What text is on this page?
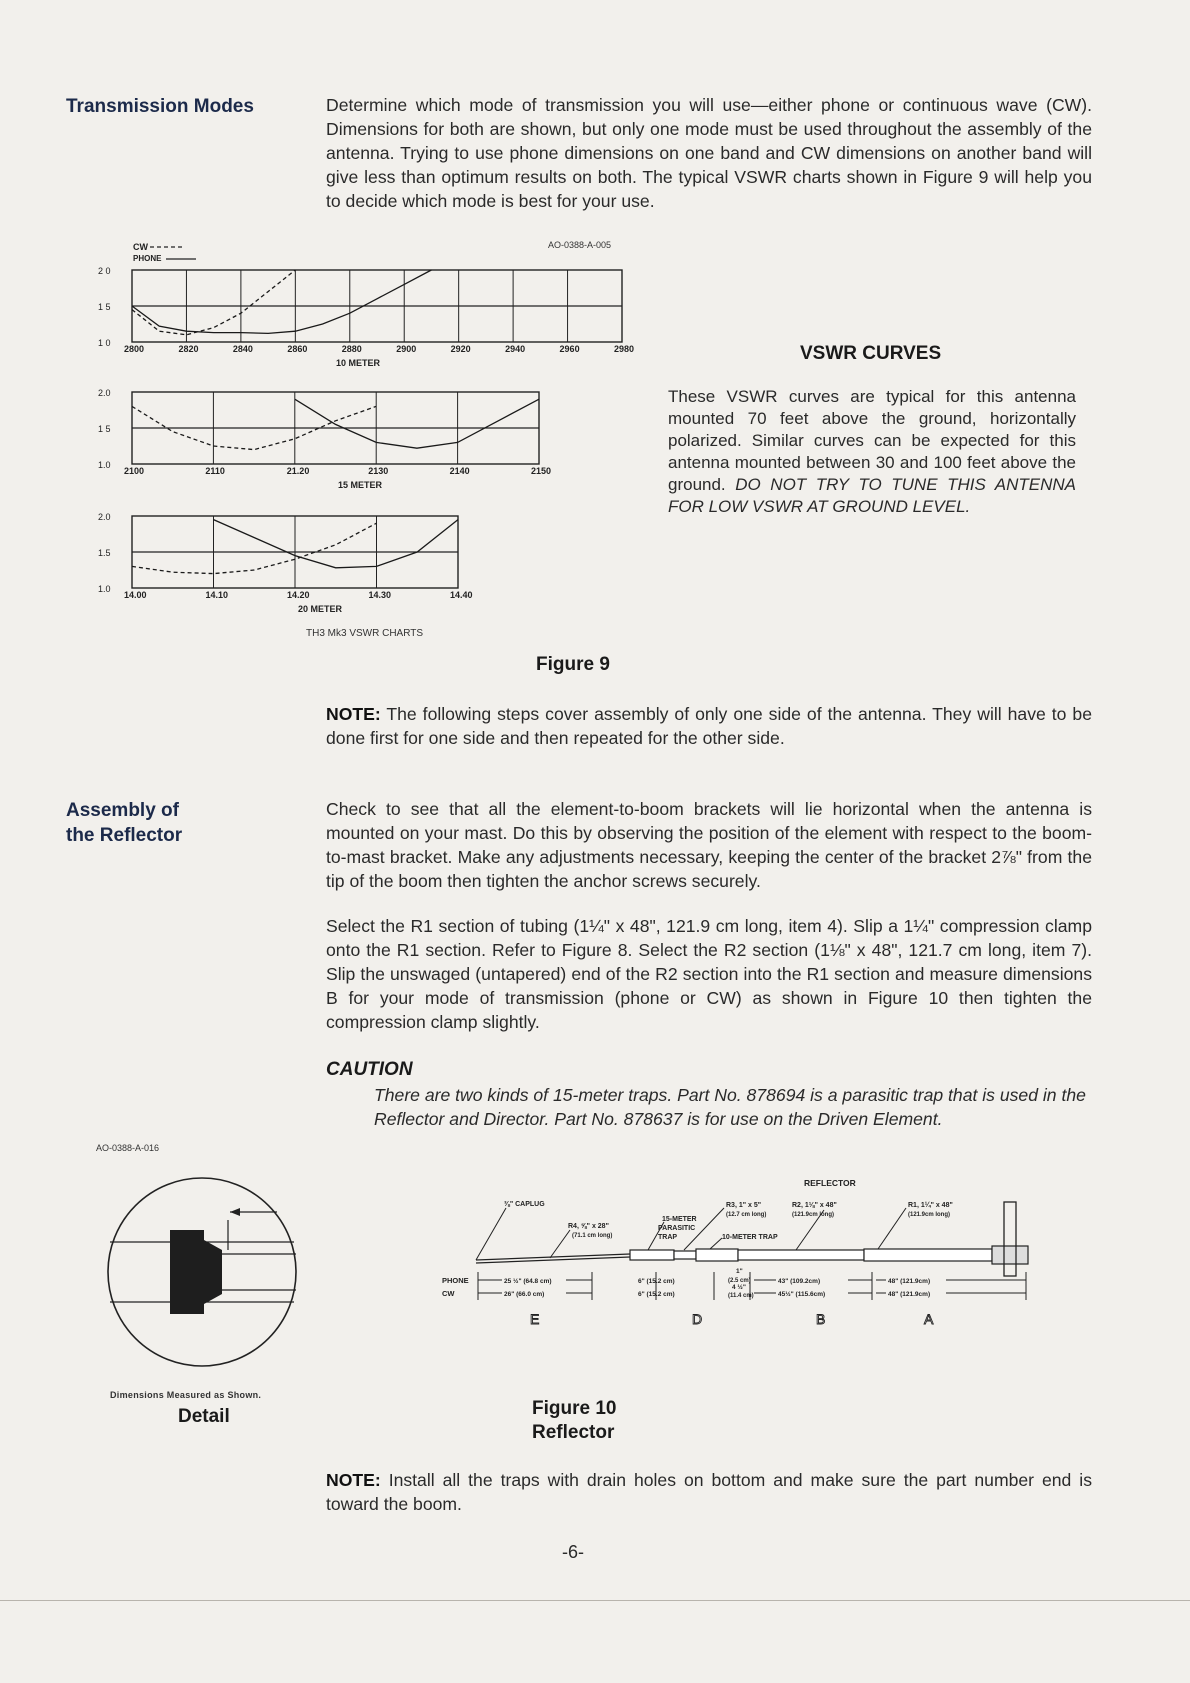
Transmission Modes	Determine which mode of transmission you will use—either phone or continuous wave (CW). Dimensions for both are shown, but only one mode must be used throughout the assembly of the antenna. Trying to use phone dimensions on one band and CW dimensions on another band will give less than optimum results on both. The typical VSWR charts shown in Figure 9 will help you to decide which mode is best for your use.
AO-0388-A-005
CW
PHONE
2800	2820	2840	2860	2880	2900	2920	2940	2960	2980
2 0
1 5
1 0
10 METER
2100	2110	21.20	2130	2140	2150
2.0
1 5
1.0
15 METER
14.00	14.10	14.20	14.30	14.40
2.0
1.5
1.0
20 METER
TH3 Mk3 VSWR CHARTS
Figure 9
VSWR CURVES
These VSWR curves are typical for this antenna mounted 70 feet above the ground, horizontally polarized. Similar curves can be expected for this antenna mounted between 30 and 100 feet above the ground. DO NOT TRY TO TUNE THIS ANTENNA FOR LOW VSWR AT GROUND LEVEL.
NOTE: The following steps cover assembly of only one side of the antenna. They will have to be done first for one side and then repeated for the other side.
Assembly of
the Reflector
Check to see that all the element-to-boom brackets will lie horizontal when the antenna is mounted on your mast. Do this by observing the position of the element with respect to the boom-to-mast bracket. Make any adjustments necessary, keeping the center of the bracket 2⅞" from the tip of the boom then tighten the anchor screws securely.
Select the R1 section of tubing (1¼" x 48", 121.9 cm long, item 4). Slip a 1¼" compression clamp onto the R1 section. Refer to Figure 8. Select the R2 section (1⅛" x 48", 121.7 cm long, item 7). Slip the unswaged (untapered) end of the R2 section into the R1 section and measure dimensions B for your mode of transmission (phone or CW) as shown in Figure 10 then tighten the compression clamp slightly.
CAUTION
There are two kinds of 15-meter traps. Part No. 878694 is a parasitic trap that is used in the Reflector and Director. Part No. 878637 is for use on the Driven Element.
AO-0388-A-016
Dimensions Measured as Shown.
Detail
REFLECTOR
⅜" CAPLUG
R4, ⅝" x 28"
(71.1 cm long)
15-METER
PARASITIC
TRAP
R3, 1" x 5"
(12.7 cm long)
10-METER TRAP
R2, 1⅛" x 48"
(121.9cm long)
R1, 1¼" x 48"
(121.9cm long)
PHONE
CW
25 ½" (64.8 cm)
26" (66.0 cm)
6" (15.2 cm)
6" (15.2 cm)
1"
(2.5 cm)
4 ½"
(11.4 cm)
43" (109.2cm)
45½" (115.6cm)
48" (121.9cm)
48" (121.9cm)
E	D	B	A
Figure 10
Reflector
NOTE: Install all the traps with drain holes on bottom and make sure the part number end is toward the boom.
-6-
